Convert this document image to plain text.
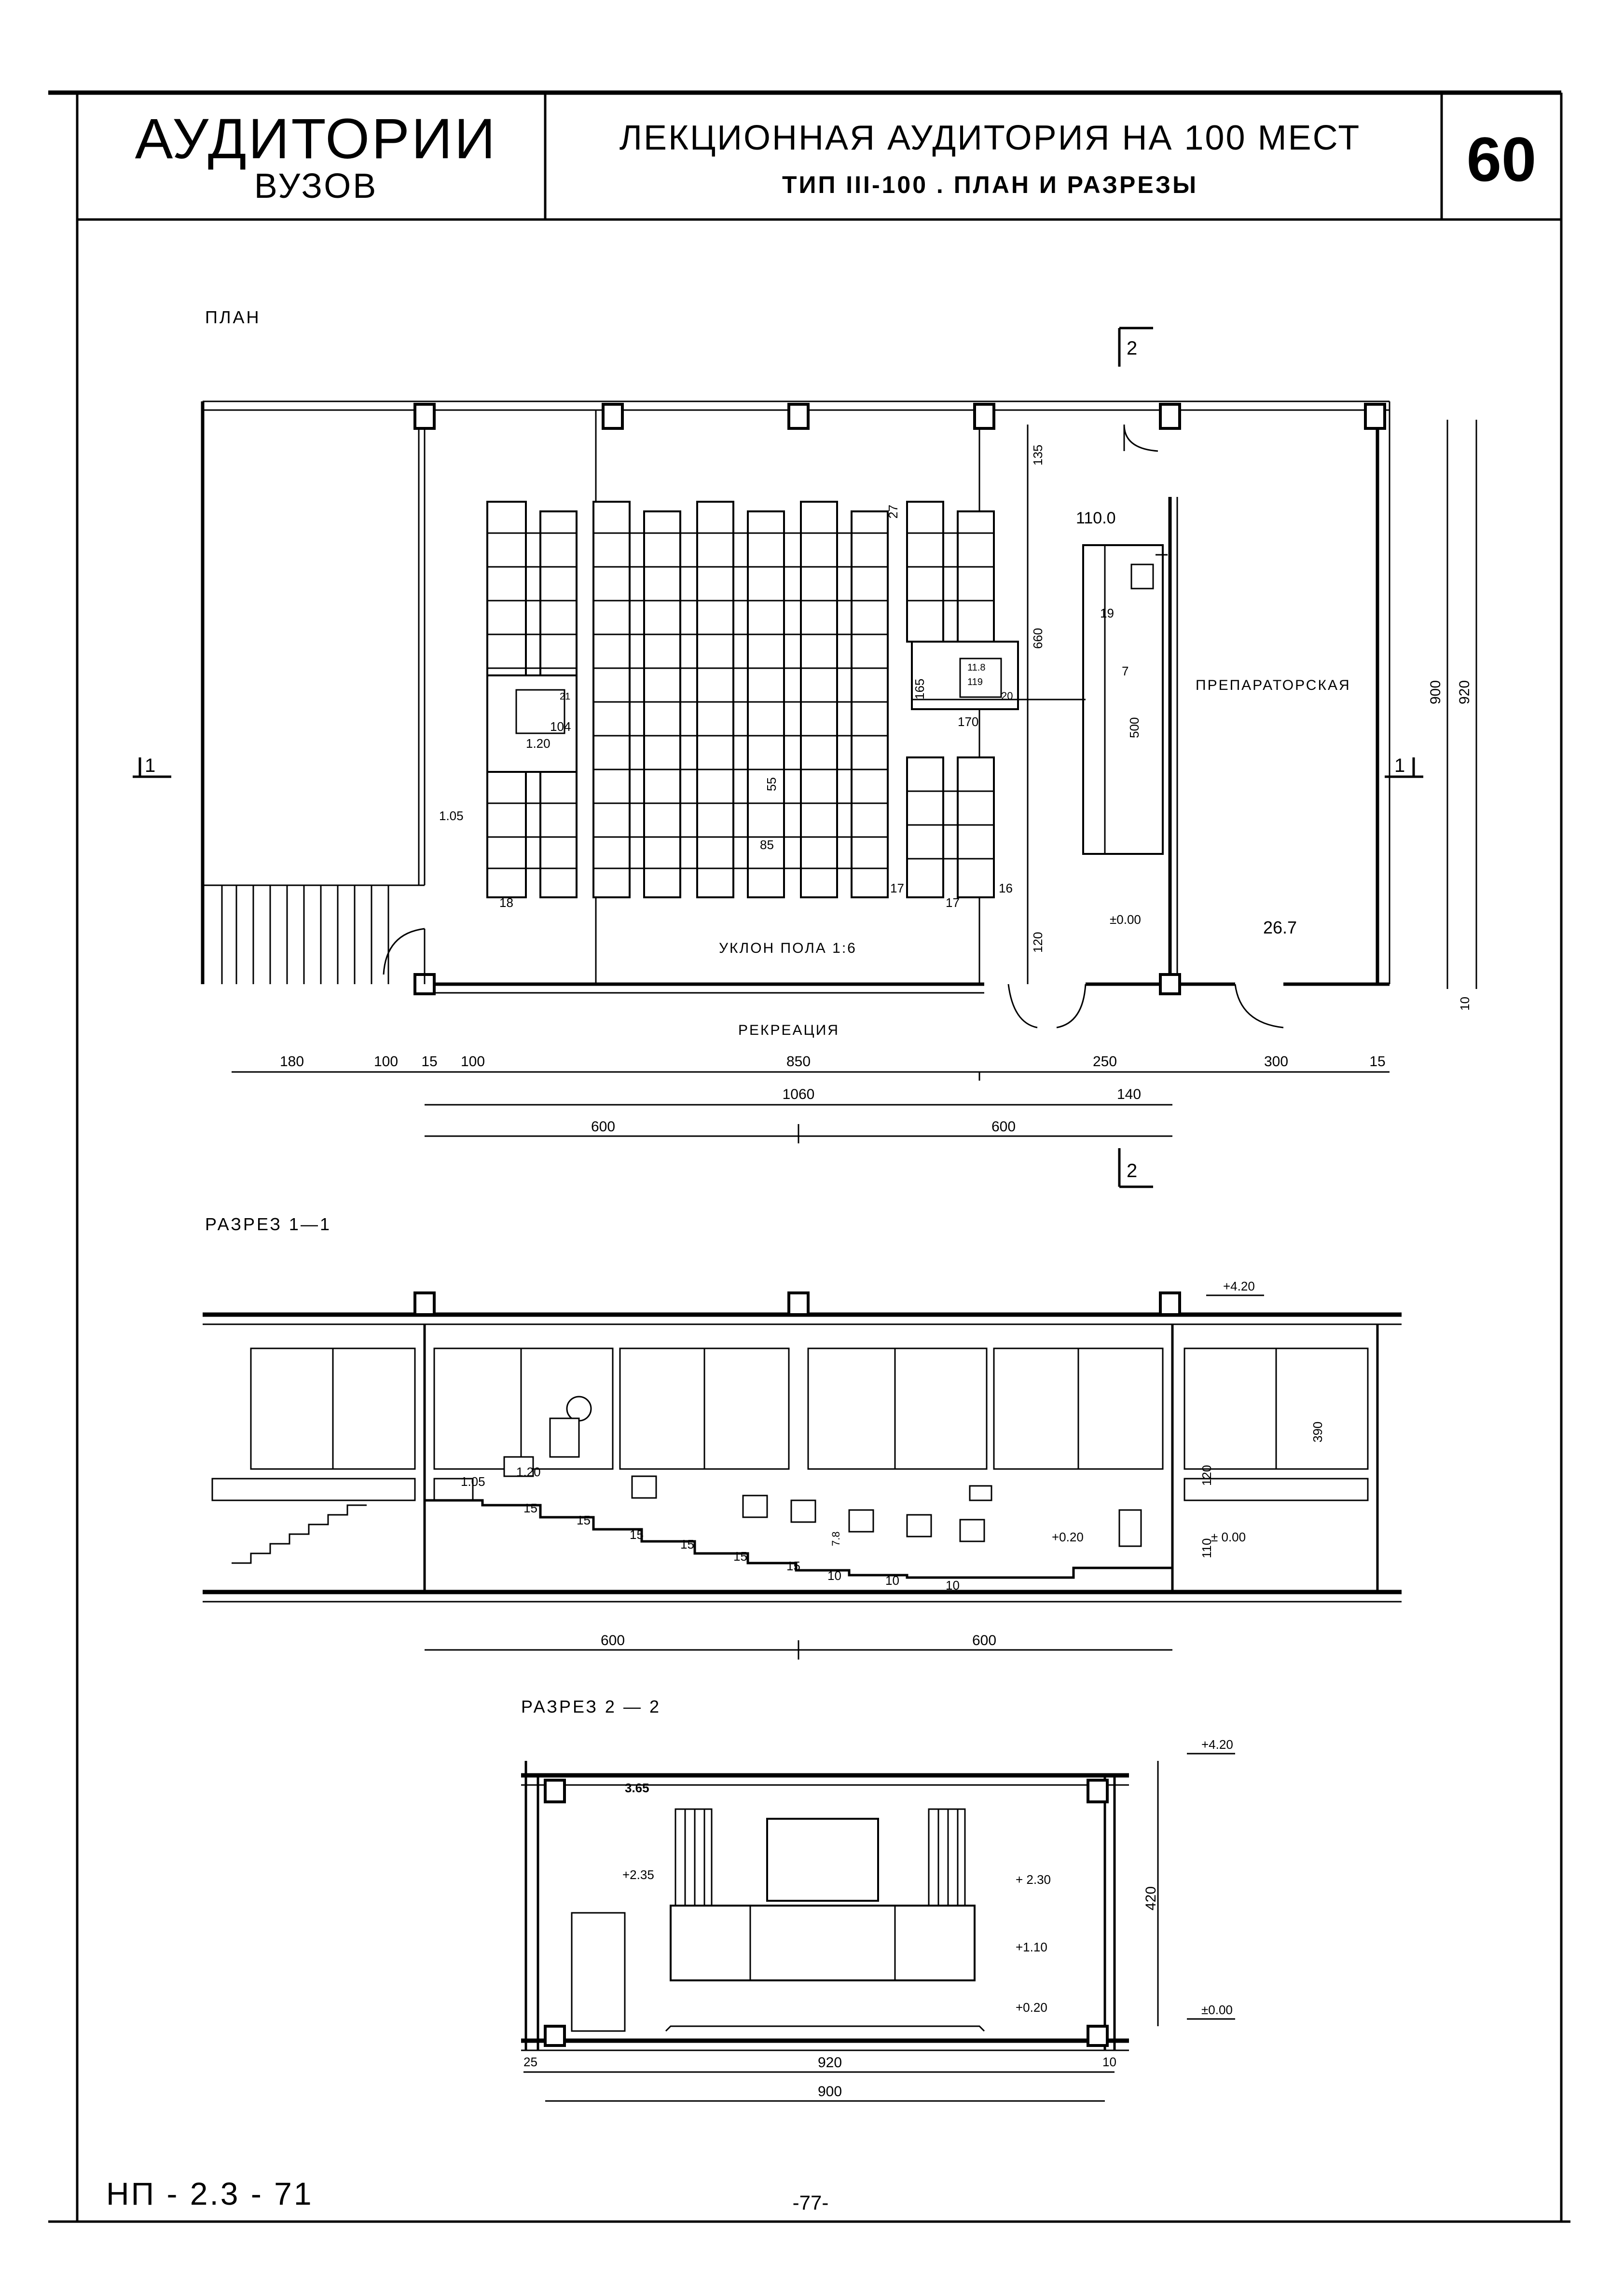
АУДИТОРИИ
ВУЗОВ
ЛЕКЦИОННАЯ АУДИТОРИЯ НА 100 МЕСТ
ТИП III-100 . ПЛАН И РАЗРЕЗЫ	60
ПЛАН
ПРЕПАРАТОРСКАЯ
РЕКРЕАЦИЯ
УКЛОН ПОЛА 1:6
26.7
110.0
19
7
18
17
17
16
27
21
104
11.8
119
20
55
85
165
170
135
660
500
120
1.05
1.20
±0.00
1	1
2
2
180	100 15 100	850	250	300	15
1060	140
600	600
900 920
10
РАЗРЕЗ 1—1
+4.20
± 0.00
+0.20
1.05
1.20
390
120
110
15
15
15
15
15
15
10	10	10
7.8
600	600
РАЗРЕЗ 2 — 2
+4.20
3.65
+2.35	+ 2.30
+1.10
+0.20	±0.00
420
920
900
25	10
НП - 2.3 - 71	-77-
